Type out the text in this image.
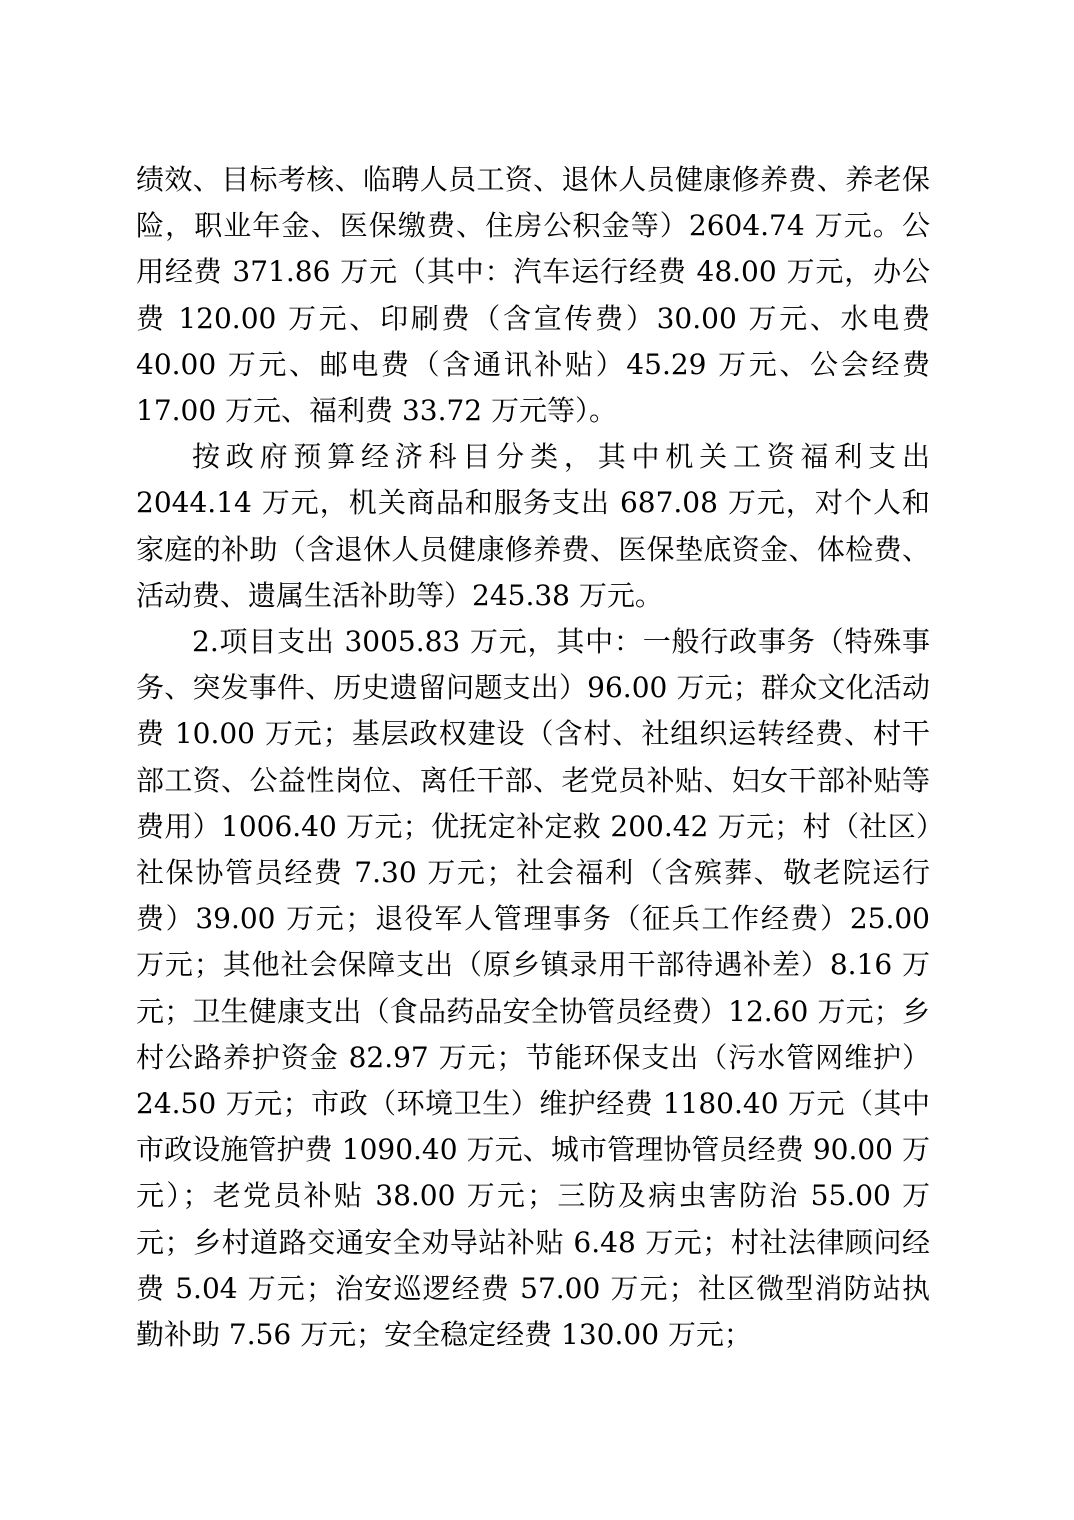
绩效、目标考核、临聘人员工资、退休人员健康修养费、养老保险，职业年金、医保缴费、住房公积金等）2604.74 万元。公用经费 371.86 万元（其中：汽车运行经费 48.00 万元，办公费 120.00 万元、印刷费（含宣传费）30.00 万元、水电费 40.00 万元、邮电费（含通讯补贴）45.29 万元、公会经费 17.00 万元、福利费 33.72 万元等）。

按政府预算经济科目分类，其中机关工资福利支出 2044.14 万元，机关商品和服务支出 687.08 万元，对个人和家庭的补助（含退休人员健康修养费、医保垫底资金、体检费、活动费、遗属生活补助等）245.38 万元。

2.项目支出 3005.83 万元，其中：一般行政事务（特殊事务、突发事件、历史遗留问题支出）96.00 万元；群众文化活动费 10.00 万元；基层政权建设（含村、社组织运转经费、村干部工资、公益性岗位、离任干部、老党员补贴、妇女干部补贴等费用）1006.40 万元；优抚定补定救 200.42 万元；村（社区）社保协管员经费 7.30 万元；社会福利（含殡葬、敬老院运行费）39.00 万元；退役军人管理事务（征兵工作经费）25.00 万元；其他社会保障支出（原乡镇录用干部待遇补差）8.16 万元；卫生健康支出（食品药品安全协管员经费）12.60 万元；乡村公路养护资金 82.97 万元；节能环保支出（污水管网维护）24.50 万元；市政（环境卫生）维护经费 1180.40 万元（其中市政设施管护费 1090.40 万元、城市管理协管员经费 90.00 万元）；老党员补贴 38.00 万元；三防及病虫害防治 55.00 万元；乡村道路交通安全劝导站补贴 6.48 万元；村社法律顾问经费 5.04 万元；治安巡逻经费 57.00 万元；社区微型消防站执勤补助 7.56 万元；安全稳定经费 130.00 万元；
